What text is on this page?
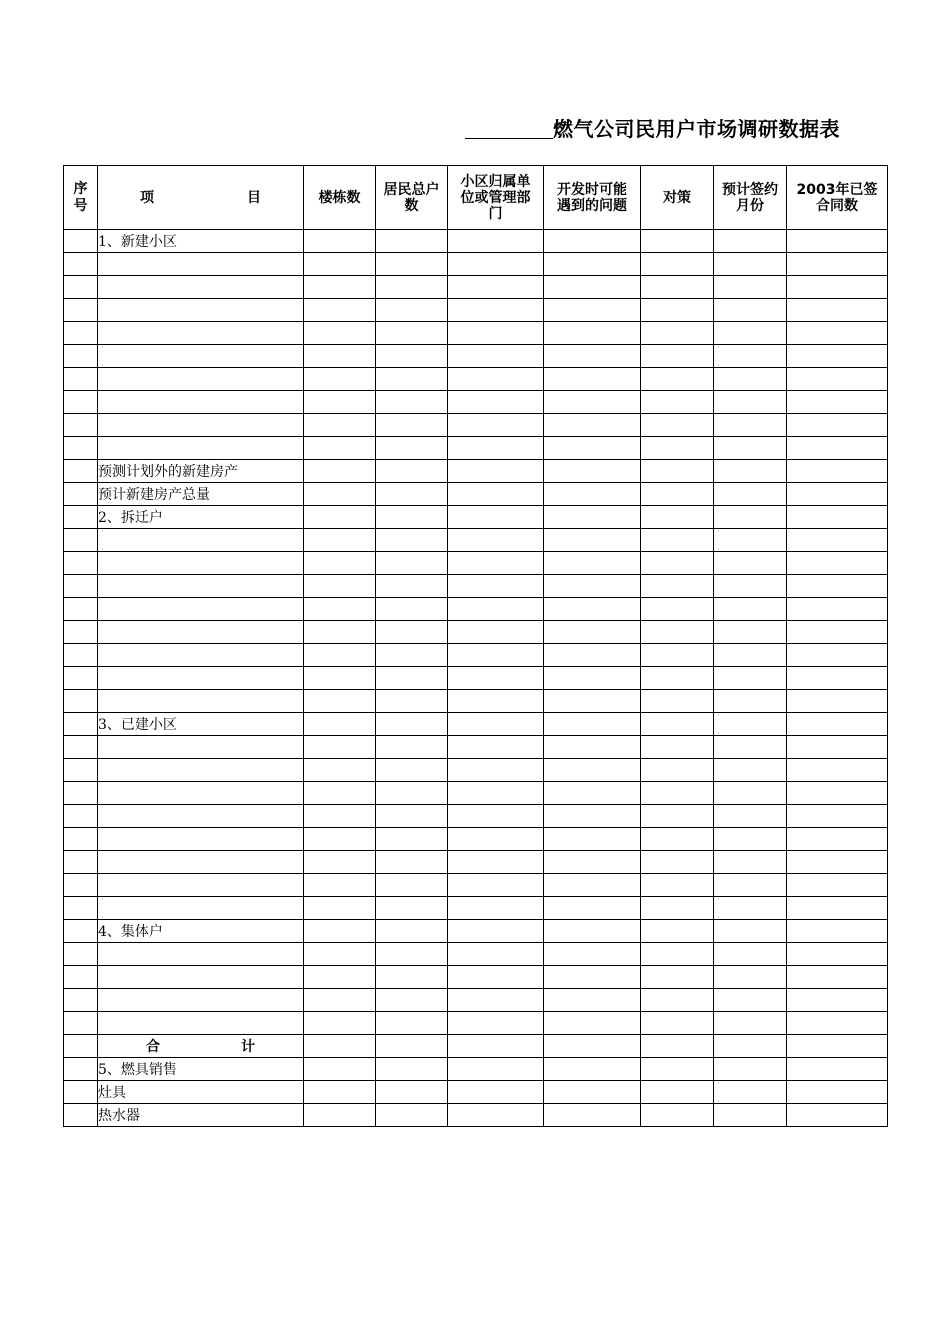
燃气公司民用户市场调研数据表
序号	项 目	楼栋数	居民总户数	小区归属单位或管理部门	开发时可能遇到的问题	对策	预计签约月份	2003年已签合同数

	1、新建小区							

	预测计划外的新建房产							
	预计新建房产总量							
	2、拆迁户							

	3、已建小区							

	4、集体户							

	合 计							

	5、燃具销售							
	灶具							
	热水器							
